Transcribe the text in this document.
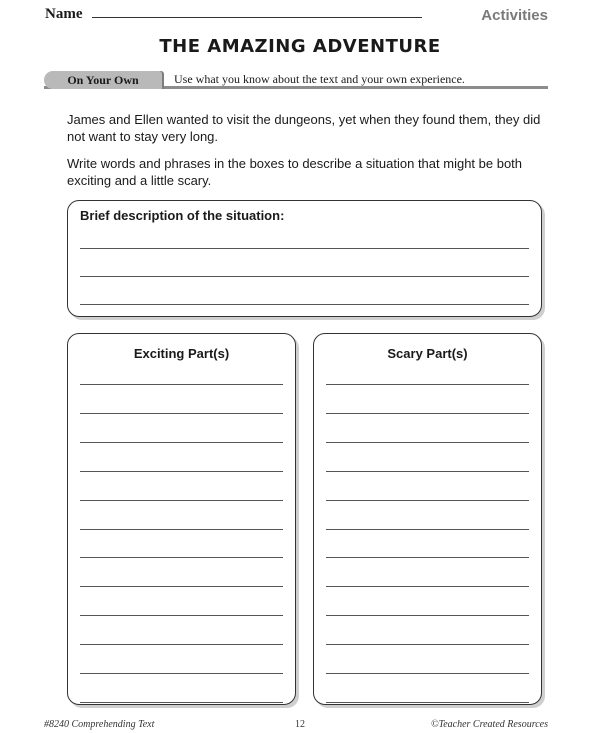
Name	Activities
THE AMAZING ADVENTURE
On Your Own	Use what you know about the text and your own experience.
James and Ellen wanted to visit the dungeons, yet when they found them, they did not want to stay very long.
Write words and phrases in the boxes to describe a situation that might be both exciting and a little scary.
Brief description of the situation:
Exciting Part(s)	Scary Part(s)
#8240 Comprehending Text	12	©Teacher Created Resources
